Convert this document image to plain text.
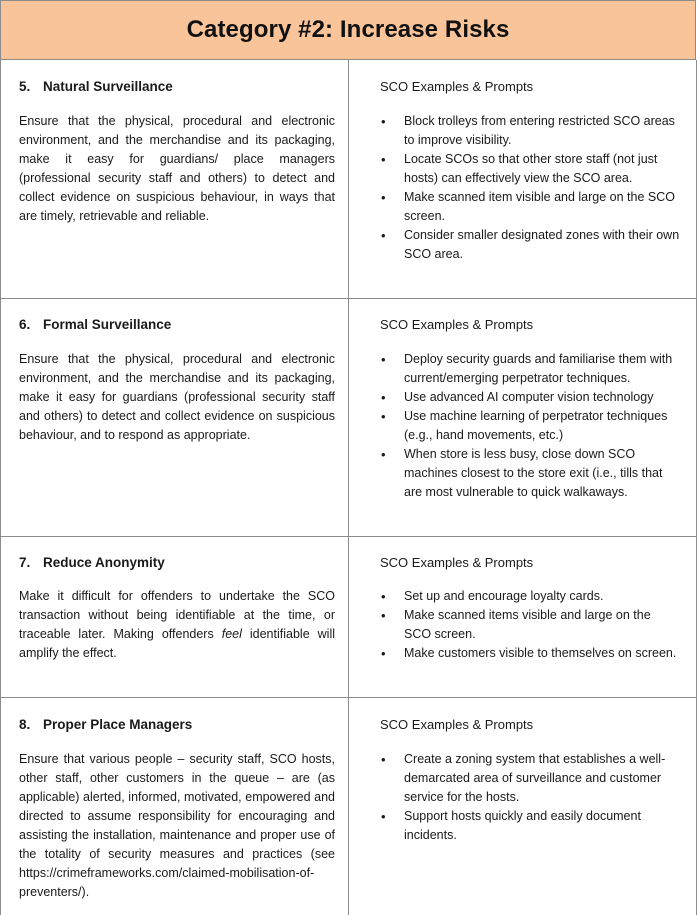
Category #2: Increase Risks

5. Natural Surveillance

Ensure that the physical, procedural and electronic environment, and the merchandise and its packaging, make it easy for guardians/ place managers (professional security staff and others) to detect and collect evidence on suspicious behaviour, in ways that are timely, retrievable and reliable.

SCO Examples & Prompts

• Block trolleys from entering restricted SCO areas to improve visibility.
• Locate SCOs so that other store staff (not just hosts) can effectively view the SCO area.
• Make scanned item visible and large on the SCO screen.
• Consider smaller designated zones with their own SCO area.

6. Formal Surveillance

Ensure that the physical, procedural and electronic environment, and the merchandise and its packaging, make it easy for guardians (professional security staff and others) to detect and collect evidence on suspicious behaviour, and to respond as appropriate.

SCO Examples & Prompts

• Deploy security guards and familiarise them with current/emerging perpetrator techniques.
• Use advanced AI computer vision technology
• Use machine learning of perpetrator techniques (e.g., hand movements, etc.)
• When store is less busy, close down SCO machines closest to the store exit (i.e., tills that are most vulnerable to quick walkaways.

7. Reduce Anonymity

Make it difficult for offenders to undertake the SCO transaction without being identifiable at the time, or traceable later. Making offenders feel identifiable will amplify the effect.

SCO Examples & Prompts

• Set up and encourage loyalty cards.
• Make scanned items visible and large on the SCO screen.
• Make customers visible to themselves on screen.

8. Proper Place Managers

Ensure that various people – security staff, SCO hosts, other staff, other customers in the queue – are (as applicable) alerted, informed, motivated, empowered and directed to assume responsibility for encouraging and assisting the installation, maintenance and proper use of the totality of security measures and practices (see https://crimeframeworks.com/claimed-mobilisation-of-preventers/).

SCO Examples & Prompts

• Create a zoning system that establishes a well-demarcated area of surveillance and customer service for the hosts.
• Support hosts quickly and easily document incidents.
